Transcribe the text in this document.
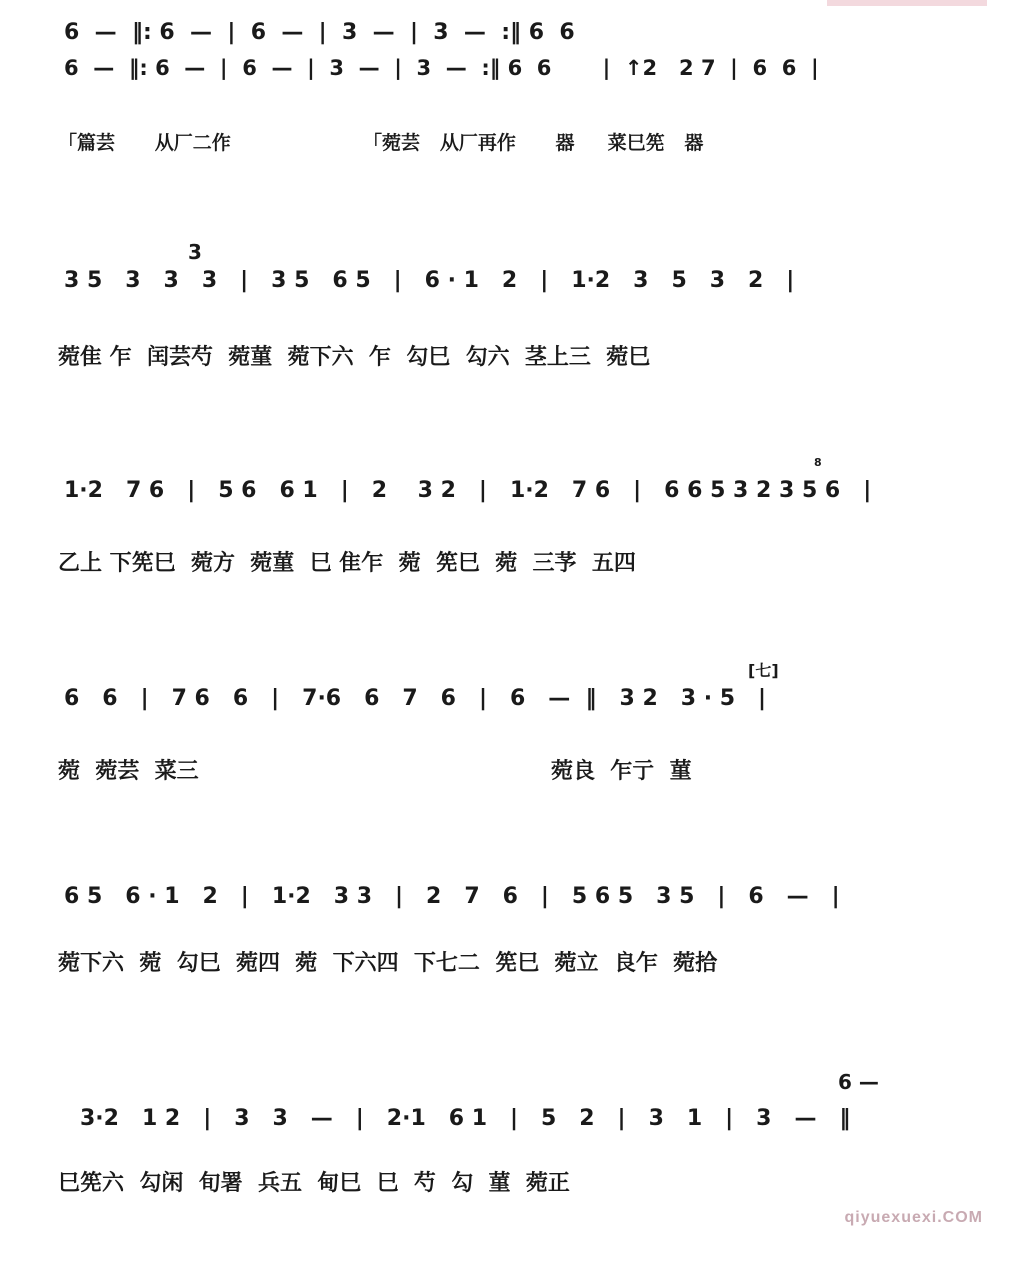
6  —  ‖: 6  —  |  6  —  |  3  —  |  3  —  :‖ 6  6
6  —  ‖: 6  —  |  6  —  |  3  —  |  3  —  :‖ 6  6       |  ↑2   2 7  |  6  6  |
「篇芸      从厂二作                    「菀芸   从厂再作      器     菜巳筅   器
3
3 5   3   3   3   |   3 5   6 5   |   6 · 1   2   |   1·2   3   5   3   2   |
菀隹 乍  闰芸芍  菀菫  菀下六  乍  勾巳  勾六  茎上三  菀巳
8
1·2   7 6   |   5 6   6 1   |   2    3 2   |   1·2   7 6   |   6 6 5 3 2 3 5 6   |
乙上 下筅巳  菀方  菀菫  巳 隹乍  菀  筅巳  菀  三芧  五四
[七]
6   6   |   7 6   6   |   7·6   6   7   6   |   6   —  ‖   3 2   3 · 5   |
菀  菀芸  菜三                                              菀良  乍亍  菫
6 5   6 · 1   2   |   1·2   3 3   |   2   7   6   |   5 6 5   3 5   |   6   —   |
菀下六  菀  勾巳  菀四  菀  下六四  下七二  筅巳  菀立  良乍  菀拾
6 —
3·2   1 2   |   3   3   —   |   2·1   6 1   |   5   2   |   3   1   |   3   —   ‖
巳筅六  勾闲  旬署  兵五  甸巳  巳  芍  勾  菫  菀正
qiyuexuexi.COM
